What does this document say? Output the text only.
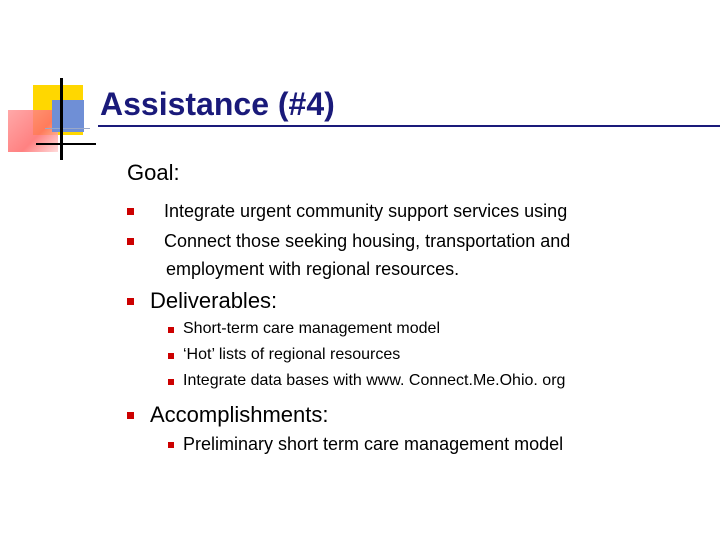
Assistance (#4)
Goal:
Integrate urgent community support services using
Connect those seeking housing, transportation and
employment with regional resources.
Deliverables:
Short-term care management model
‘Hot’ lists of regional resources
Integrate data bases with www. Connect.Me.Ohio. org
Accomplishments:
Preliminary short term care management model
